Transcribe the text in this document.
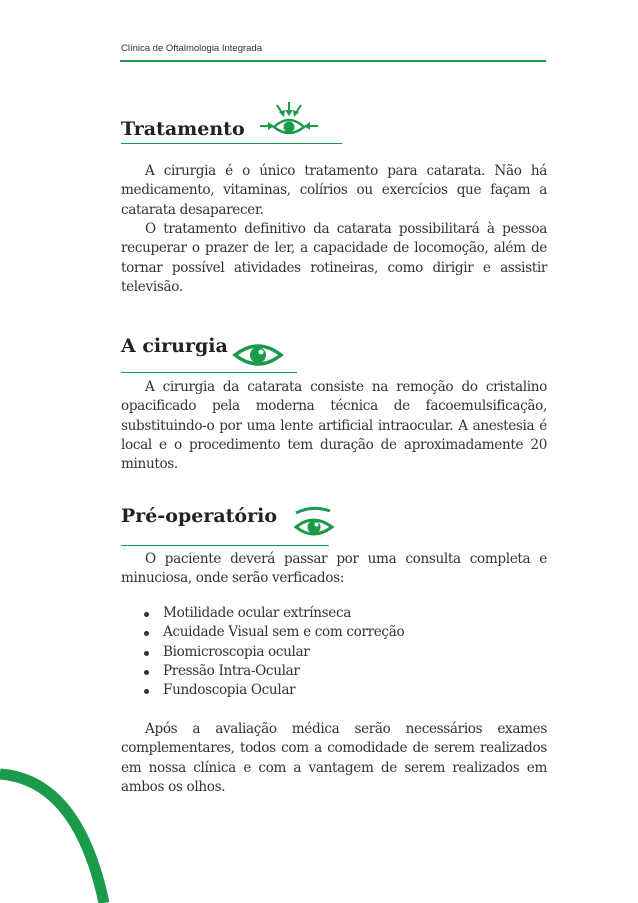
Clínica de Oftalmologia Integrada
Tratamento

A cirurgia é o único tratamento para catarata. Não há medicamento, vitaminas, colírios ou exercícios que façam a catarata desaparecer.

O tratamento definitivo da catarata possibilitará à pessoa recuperar o prazer de ler, a capacidade de locomoção, além de tornar possível atividades rotineiras, como dirigir e assistir televisão.

A cirurgia

A cirurgia da catarata consiste na remoção do cristalino opacificado pela moderna técnica de facoemulsificação, substituindo-o por uma lente artificial intraocular. A anestesia é local e o procedimento tem duração de aproximadamente 20 minutos.

Pré-operatório

O paciente deverá passar por uma consulta completa e minuciosa, onde serão verficados:

Motilidade ocular extrínseca
Acuidade Visual sem e com correção
Biomicroscopia ocular
Pressão Intra-Ocular
Fundoscopia Ocular

Após a avaliação médica serão necessários exames complementares, todos com a comodidade de serem realizados em nossa clínica e com a vantagem de serem realizados em ambos os olhos.
